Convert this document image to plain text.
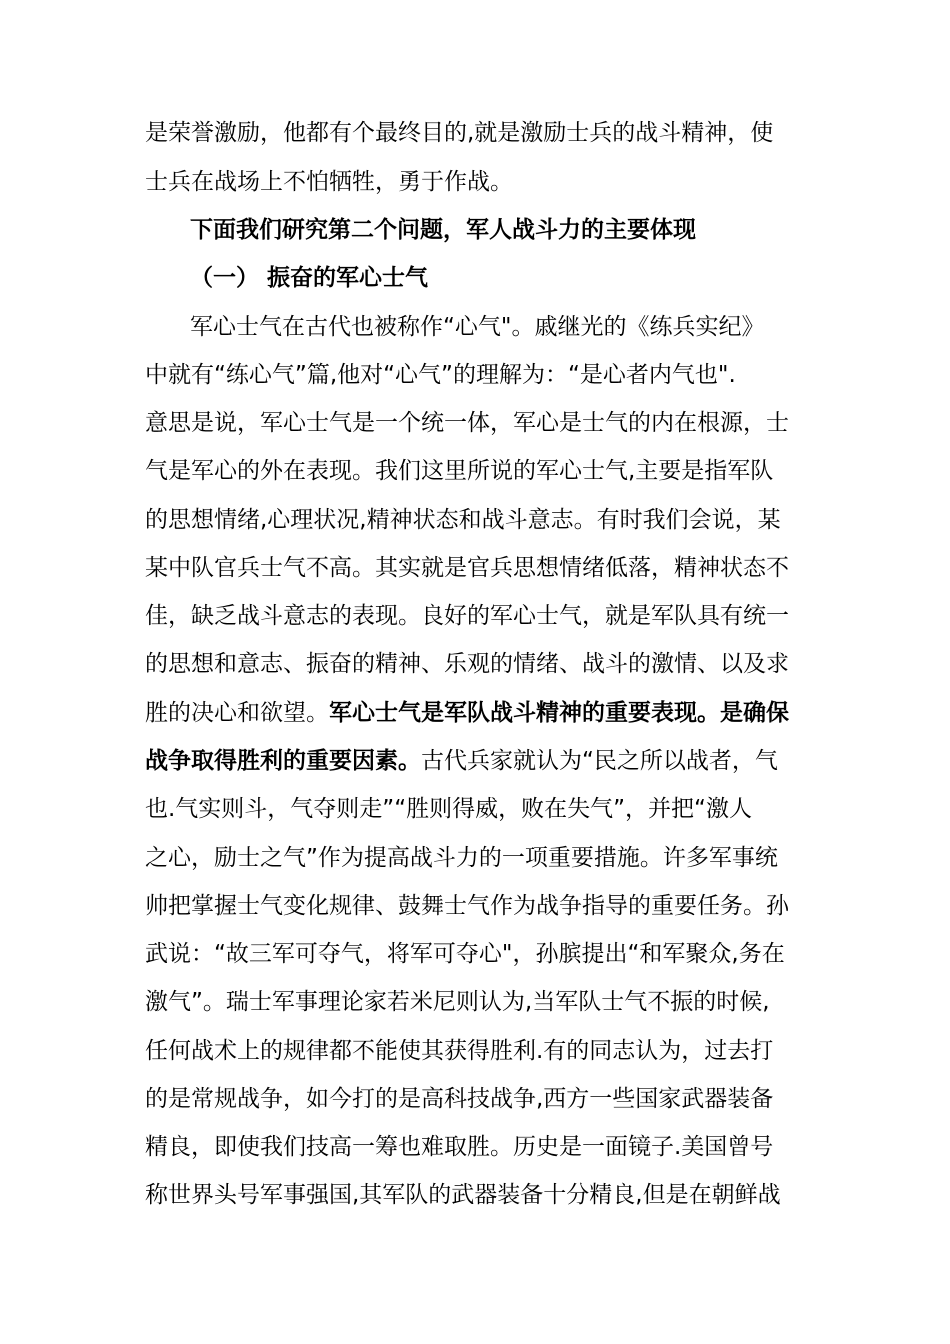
是荣誉激励，他都有个最终目的,就是激励士兵的战斗精神，使
士兵在战场上不怕牺牲，勇于作战。
下面我们研究第二个问题，军人战斗力的主要体现
（一） 振奋的军心士气
军心士气在古代也被称作“心气"。戚继光的《练兵实纪》
中就有“练心气”篇,他对“心气”的理解为：“是心者内气也".
意思是说，军心士气是一个统一体，军心是士气的内在根源，士
气是军心的外在表现。我们这里所说的军心士气,主要是指军队
的思想情绪,心理状况,精神状态和战斗意志。有时我们会说，某
某中队官兵士气不高。其实就是官兵思想情绪低落，精神状态不
佳，缺乏战斗意志的表现。良好的军心士气，就是军队具有统一
的思想和意志、振奋的精神、乐观的情绪、战斗的激情、以及求
胜的决心和欲望。军心士气是军队战斗精神的重要表现。是确保
战争取得胜利的重要因素。古代兵家就认为“民之所以战者，气
也.气实则斗，气夺则走”“胜则得威，败在失气”，并把“激人
之心，励士之气”作为提高战斗力的一项重要措施。许多军事统
帅把掌握士气变化规律、鼓舞士气作为战争指导的重要任务。孙
武说：“故三军可夺气，将军可夺心"，孙膑提出“和军聚众,务在
激气”。瑞士军事理论家若米尼则认为,当军队士气不振的时候,
任何战术上的规律都不能使其获得胜利.有的同志认为，过去打
的是常规战争，如今打的是高科技战争,西方一些国家武器装备
精良，即使我们技高一筹也难取胜。历史是一面镜子.美国曾号
称世界头号军事强国,其军队的武器装备十分精良,但是在朝鲜战
